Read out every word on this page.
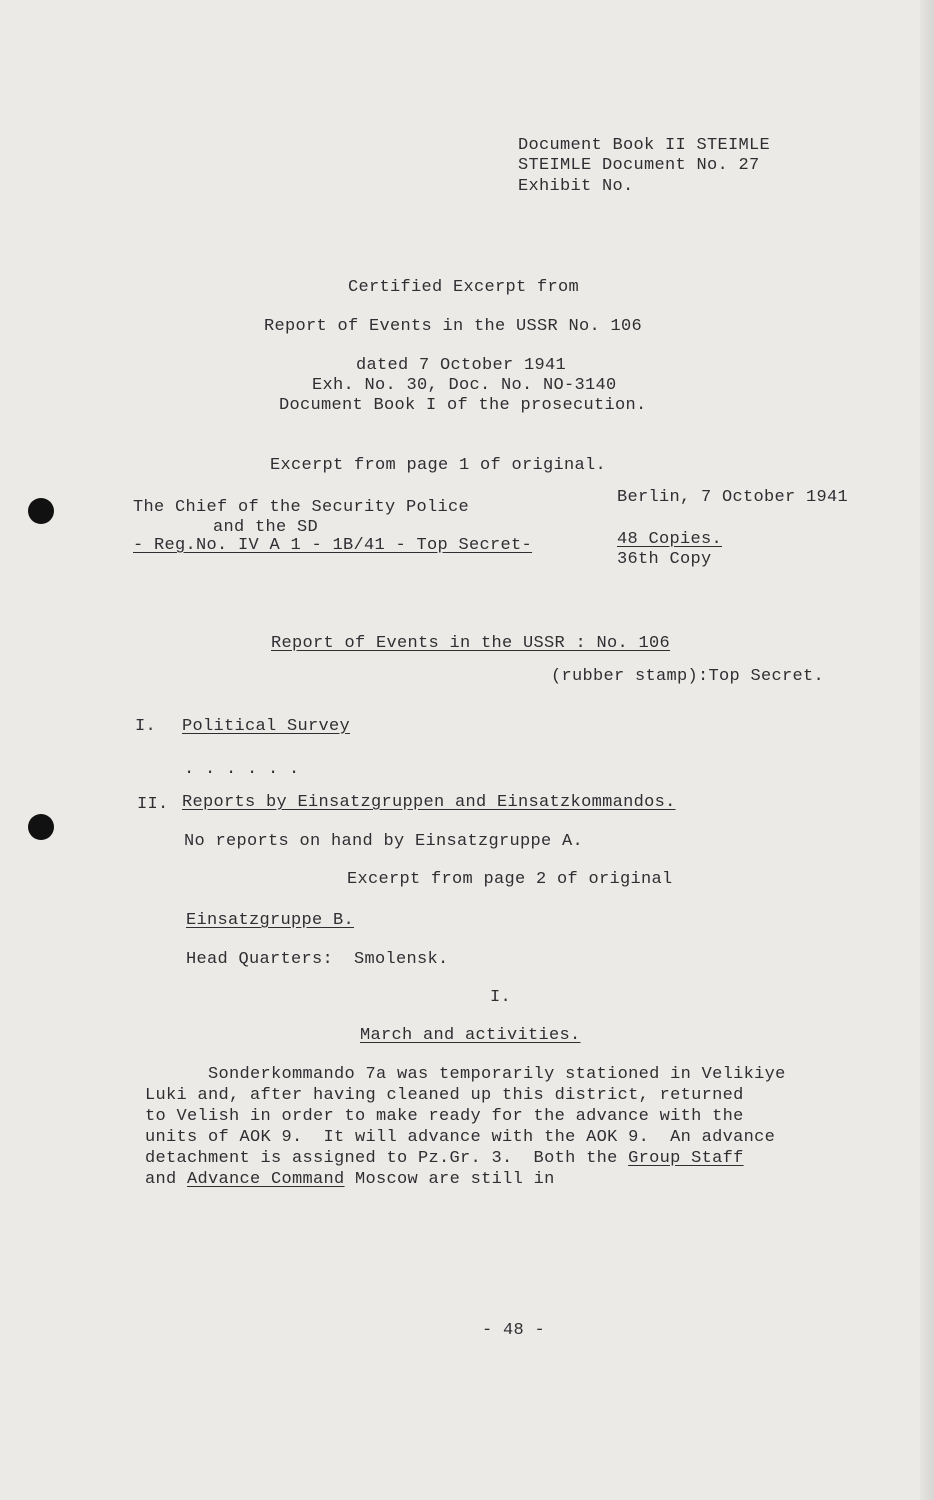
Document Book II STEIMLE
STEIMLE Document No. 27
Exhibit No.
Certified Excerpt from
Report of Events in the USSR No. 106
dated 7 October 1941
Exh. No. 30, Doc. No. NO-3140
Document Book I of the prosecution.
Excerpt from page 1 of original.
The Chief of the Security Police
and the SD
- Reg.No. IV A 1 - 1B/41 - Top Secret-
Berlin, 7 October 1941
48 Copies.
36th Copy
Report of Events in the USSR : No. 106
(rubber stamp):Top Secret.
I. Political Survey
. . . . . .
II. Reports by Einsatzgruppen and Einsatzkommandos.
No reports on hand by Einsatzgruppe A.
Excerpt from page 2 of original
Einsatzgruppe B.
Head Quarters:  Smolensk.
I.
March and activities.
Sonderkommando 7a was temporarily stationed in Velikiye
Luki and, after having cleaned up this district, returned
to Velish in order to make ready for the advance with the
units of AOK 9.  It will advance with the AOK 9.  An advance
detachment is assigned to Pz.Gr. 3.  Both the Group Staff
and Advance Command Moscow are still in
- 48 -
